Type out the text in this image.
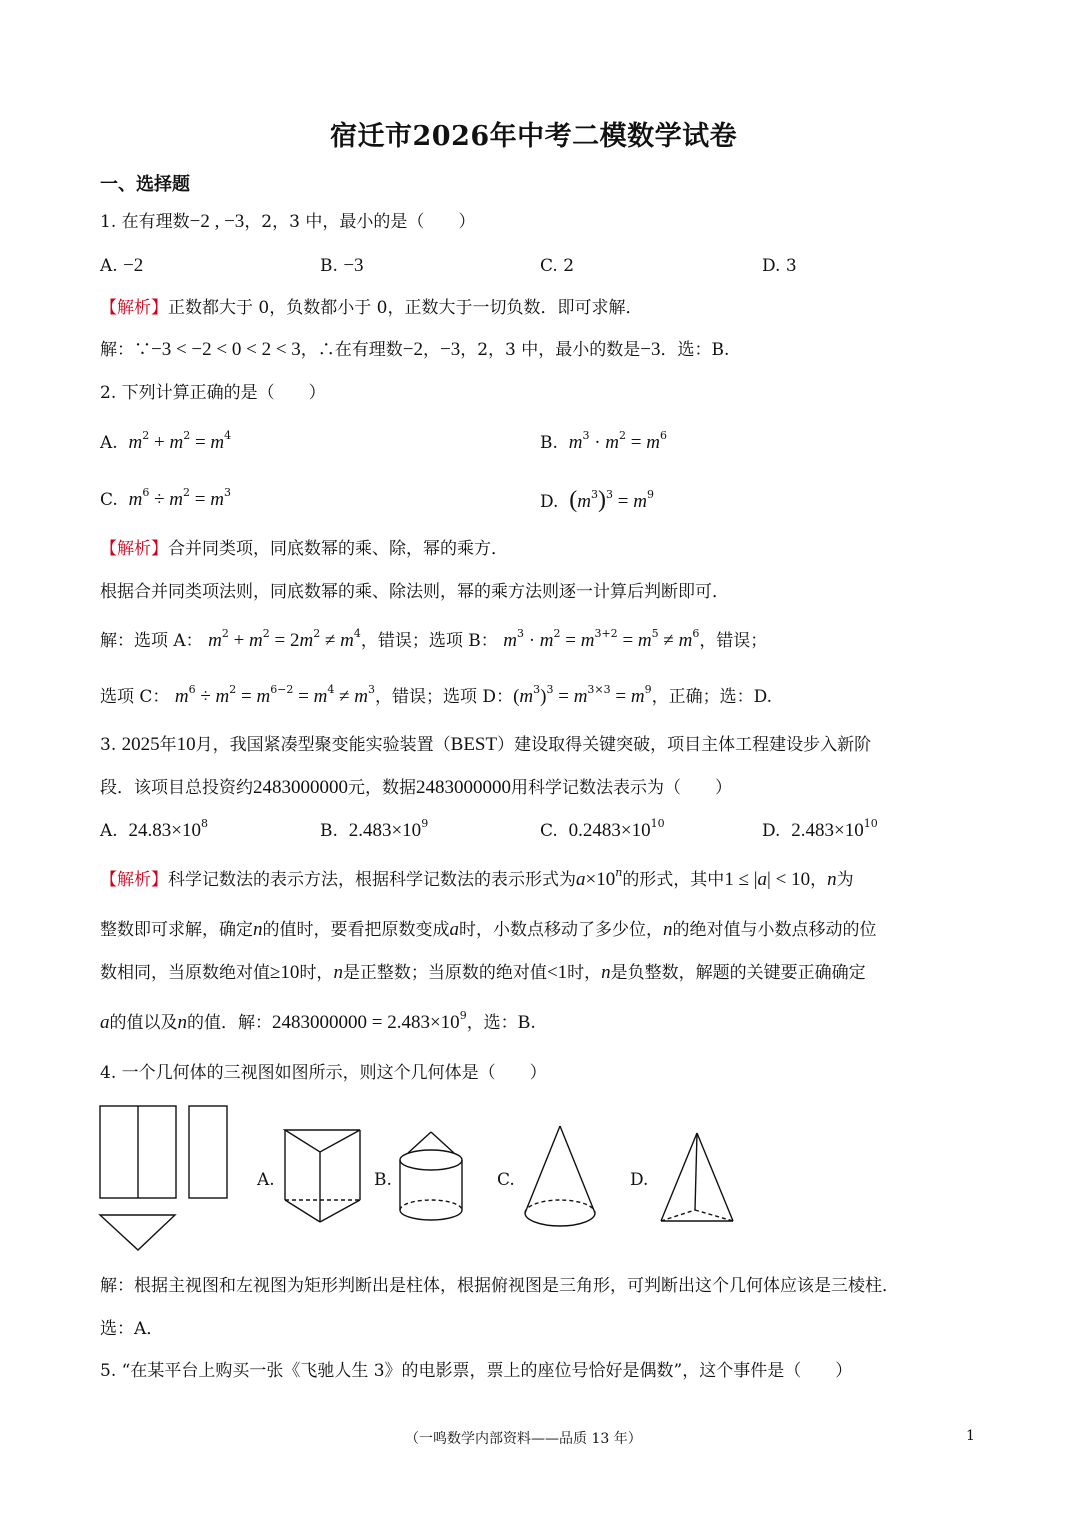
宿迁市2026年中考二模数学试卷
一、选择题
1. 在有理数−2 , −3，2，3 中，最小的是（　　）
A. −2	B. −3	C. 2	D. 3
【解析】正数都大于 0，负数都小于 0，正数大于一切负数．即可求解．
解：∵−3 < −2 < 0 < 2 < 3，∴在有理数−2，−3，2，3 中，最小的数是−3．选：B.
2. 下列计算正确的是（　　）
A.  $m^2 + m^2 = m^4$	B.  $m^3 \cdot m^2 = m^6$
C.  $m^6 \div m^2 = m^3$	D.  $(m^3)^3 = m^9$
【解析】合并同类项，同底数幂的乘、除，幂的乘方．
根据合并同类项法则，同底数幂的乘、除法则，幂的乘方法则逐一计算后判断即可．
解：选项 A： $m^2 + m^2 = 2m^2 \ne m^4$，错误；选项 B： $m^3 \cdot m^2 = m^{3+2} = m^5 \ne m^6$，错误；
选项 C： $m^6 \div m^2 = m^{6-2} = m^4 \ne m^3$，错误；选项 D：$(m^3)^3 = m^{3\times 3} = m^9$，正确；选：D.
3. 2025年10月，我国紧凑型聚变能实验装置（BEST）建设取得关键突破，项目主体工程建设步入新阶
段．该项目总投资约2483000000元，数据2483000000用科学记数法表示为（　　）
A. $24.83\times 10^8$	B. $2.483\times 10^9$	C. $0.2483\times 10^{10}$	D. $2.483\times 10^{10}$
【解析】科学记数法的表示方法，根据科学记数法的表示形式为$a\times 10^n$的形式，其中1 ≤ |a| < 10，n为
整数即可求解，确定n的值时，要看把原数变成a时，小数点移动了多少位，n的绝对值与小数点移动的位
数相同，当原数绝对值≥10时，n是正整数；当原数的绝对值<1时，n是负整数，解题的关键要正确确定
a的值以及n的值．解：$2483000000 = 2.483\times 10^9$，选：B.
4. 一个几何体的三视图如图所示，则这个几何体是（　　）
A.	B.	C.	D.
解：根据主视图和左视图为矩形判断出是柱体，根据俯视图是三角形，可判断出这个几何体应该是三棱柱．
选：A．
5. “在某平台上购买一张《飞驰人生 3》的电影票，票上的座位号恰好是偶数”，这个事件是（　　）
（一鸣数学内部资料——品质 13 年）	1
